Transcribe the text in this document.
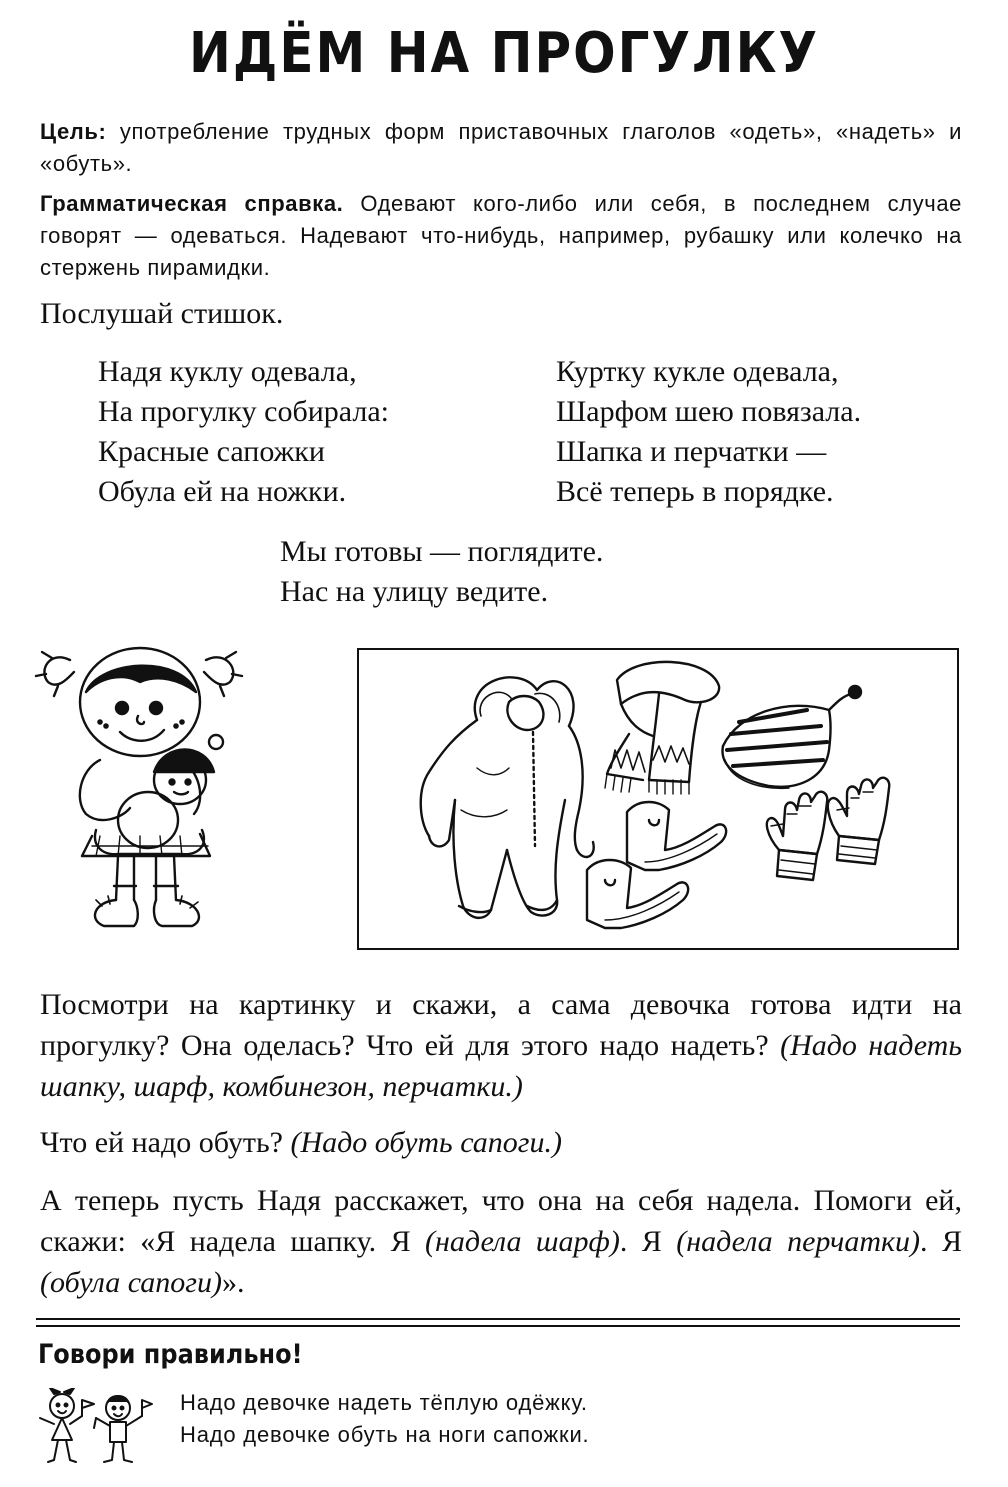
ИДЁМ НА ПРОГУЛКУ

Цель: употребление трудных форм приставочных глаголов «одеть», «надеть» и «обуть».

Грамматическая справка. Одевают кого-либо или себя, в последнем случае говорят — одеваться. Надевают что-нибудь, например, рубашку или колечко на стержень пирамидки.

Послушай стишок.

Надя куклу одевала,
На прогулку собирала:
Красные сапожки
Обула ей на ножки.
Куртку кукле одевала,
Шарфом шею повязала.
Шапка и перчатки —
Всё теперь в порядке.
Мы готовы — поглядите.
Нас на улицу ведите.

Посмотри на картинку и скажи, а сама девочка готова идти на прогулку? Она оделась? Что ей для этого надо надеть? (Надо надеть шапку, шарф, комбинезон, перчатки.)

Что ей надо обуть? (Надо обуть сапоги.)

А теперь пусть Надя расскажет, что она на себя надела. Помоги ей, скажи: «Я надела шапку. Я (надела шарф). Я (надела перчатки). Я (обула сапоги)».

Говори правильно!
Надо девочке надеть тёплую одёжку.
Надо девочке обуть на ноги сапожки.
